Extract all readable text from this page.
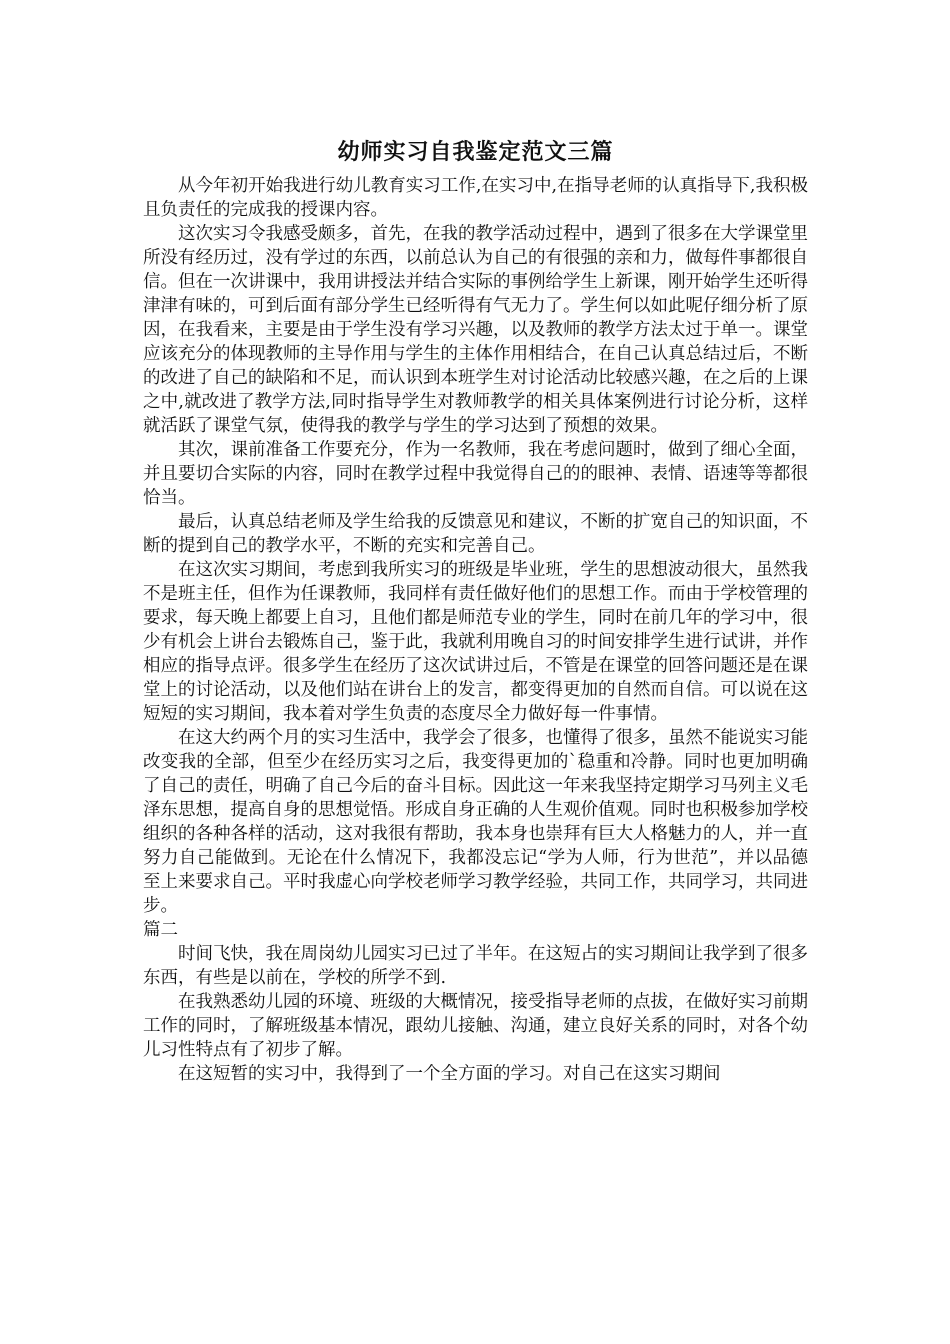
幼师实习自我鉴定范文三篇

从今年初开始我进行幼儿教育实习工作,在实习中,在指导老师的认真指导下,我积极且负责任的完成我的授课内容。

这次实习令我感受颇多，首先，在我的教学活动过程中，遇到了很多在大学课堂里所没有经历过，没有学过的东西，以前总认为自己的有很强的亲和力，做每件事都很自信。但在一次讲课中，我用讲授法并结合实际的事例给学生上新课，刚开始学生还听得津津有味的，可到后面有部分学生已经听得有气无力了。学生何以如此呢仔细分析了原因，在我看来，主要是由于学生没有学习兴趣，以及教师的教学方法太过于单一。课堂应该充分的体现教师的主导作用与学生的主体作用相结合，在自己认真总结过后，不断的改进了自己的缺陷和不足，而认识到本班学生对讨论活动比较感兴趣，在之后的上课之中,就改进了教学方法,同时指导学生对教师教学的相关具体案例进行讨论分析，这样就活跃了课堂气氛，使得我的教学与学生的学习达到了预想的效果。

其次，课前准备工作要充分，作为一名教师，我在考虑问题时，做到了细心全面，并且要切合实际的内容，同时在教学过程中我觉得自己的的眼神、表情、语速等等都很恰当。

最后，认真总结老师及学生给我的反馈意见和建议，不断的扩宽自己的知识面，不断的提到自己的教学水平，不断的充实和完善自己。

在这次实习期间，考虑到我所实习的班级是毕业班，学生的思想波动很大，虽然我不是班主任，但作为任课教师，我同样有责任做好他们的思想工作。而由于学校管理的要求，每天晚上都要上自习，且他们都是师范专业的学生，同时在前几年的学习中，很少有机会上讲台去锻炼自己，鉴于此，我就利用晚自习的时间安排学生进行试讲，并作相应的指导点评。很多学生在经历了这次试讲过后，不管是在课堂的回答问题还是在课堂上的讨论活动，以及他们站在讲台上的发言，都变得更加的自然而自信。可以说在这短短的实习期间，我本着对学生负责的态度尽全力做好每一件事情。

在这大约两个月的实习生活中，我学会了很多，也懂得了很多，虽然不能说实习能改变我的全部，但至少在经历实习之后，我变得更加的`稳重和冷静。同时也更加明确了自己的责任，明确了自己今后的奋斗目标。因此这一年来我坚持定期学习马列主义毛泽东思想，提高自身的思想觉悟。形成自身正确的人生观价值观。同时也积极参加学校组织的各种各样的活动，这对我很有帮助，我本身也崇拜有巨大人格魅力的人，并一直努力自己能做到。无论在什么情况下，我都没忘记“学为人师，行为世范”，并以品德至上来要求自己。平时我虚心向学校老师学习教学经验，共同工作，共同学习，共同进步。

篇二

时间飞快，我在周岗幼儿园实习已过了半年。在这短占的实习期间让我学到了很多东西，有些是以前在，学校的所学不到.

在我熟悉幼儿园的环境、班级的大概情况，接受指导老师的点拔，在做好实习前期工作的同时，了解班级基本情况，跟幼儿接触、沟通，建立良好关系的同时，对各个幼儿习性特点有了初步了解。

在这短暂的实习中，我得到了一个全方面的学习。对自己在这实习期间
